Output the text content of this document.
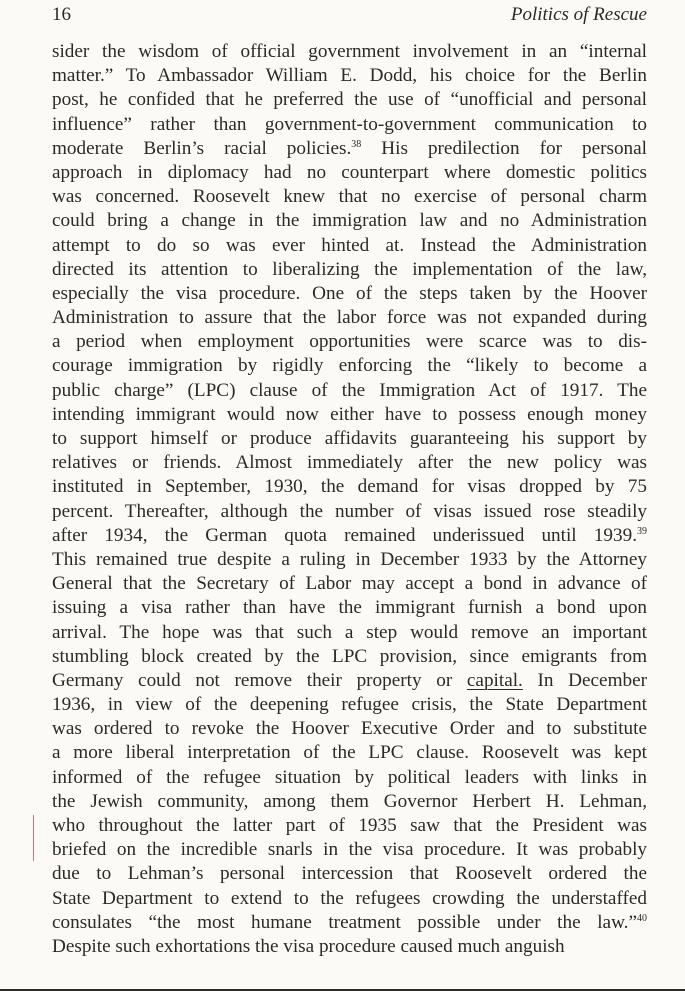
16	Politics of Rescue
sider the wisdom of official government involvement in an “internal
matter.” To Ambassador William E. Dodd, his choice for the Berlin
post, he confided that he preferred the use of “unofficial and personal
influence” rather than government-to-government communication to
moderate Berlin’s racial policies.$^{38}$ His predilection for personal
approach in diplomacy had no counterpart where domestic politics
was concerned. Roosevelt knew that no exercise of personal charm
could bring a change in the immigration law and no Administration
attempt to do so was ever hinted at. Instead the Administration
directed its attention to liberalizing the implementation of the law,
especially the visa procedure. One of the steps taken by the Hoover
Administration to assure that the labor force was not expanded during
a period when employment opportunities were scarce was to dis-
courage immigration by rigidly enforcing the “likely to become a
public charge” (LPC) clause of the Immigration Act of 1917. The
intending immigrant would now either have to possess enough money
to support himself or produce affidavits guaranteeing his support by
relatives or friends. Almost immediately after the new policy was
instituted in September, 1930, the demand for visas dropped by 75
percent. Thereafter, although the number of visas issued rose steadily
after 1934, the German quota remained underissued until 1939.39
This remained true despite a ruling in December 1933 by the Attorney
General that the Secretary of Labor may accept a bond in advance of
issuing a visa rather than have the immigrant furnish a bond upon
arrival. The hope was that such a step would remove an important
stumbling block created by the LPC provision, since emigrants from
Germany could not remove their property or capital. In December
1936, in view of the deepening refugee crisis, the State Department
was ordered to revoke the Hoover Executive Order and to substitute
a more liberal interpretation of the LPC clause. Roosevelt was kept
informed of the refugee situation by political leaders with links in
the Jewish community, among them Governor Herbert H. Lehman,
who throughout the latter part of 1935 saw that the President was
briefed on the incredible snarls in the visa procedure. It was probably
due to Lehman’s personal intercession that Roosevelt ordered the
State Department to extend to the refugees crowding the understaffed
consulates “the most humane treatment possible under the law.”$^{40}$
Despite such exhortations the visa procedure caused much anguish
